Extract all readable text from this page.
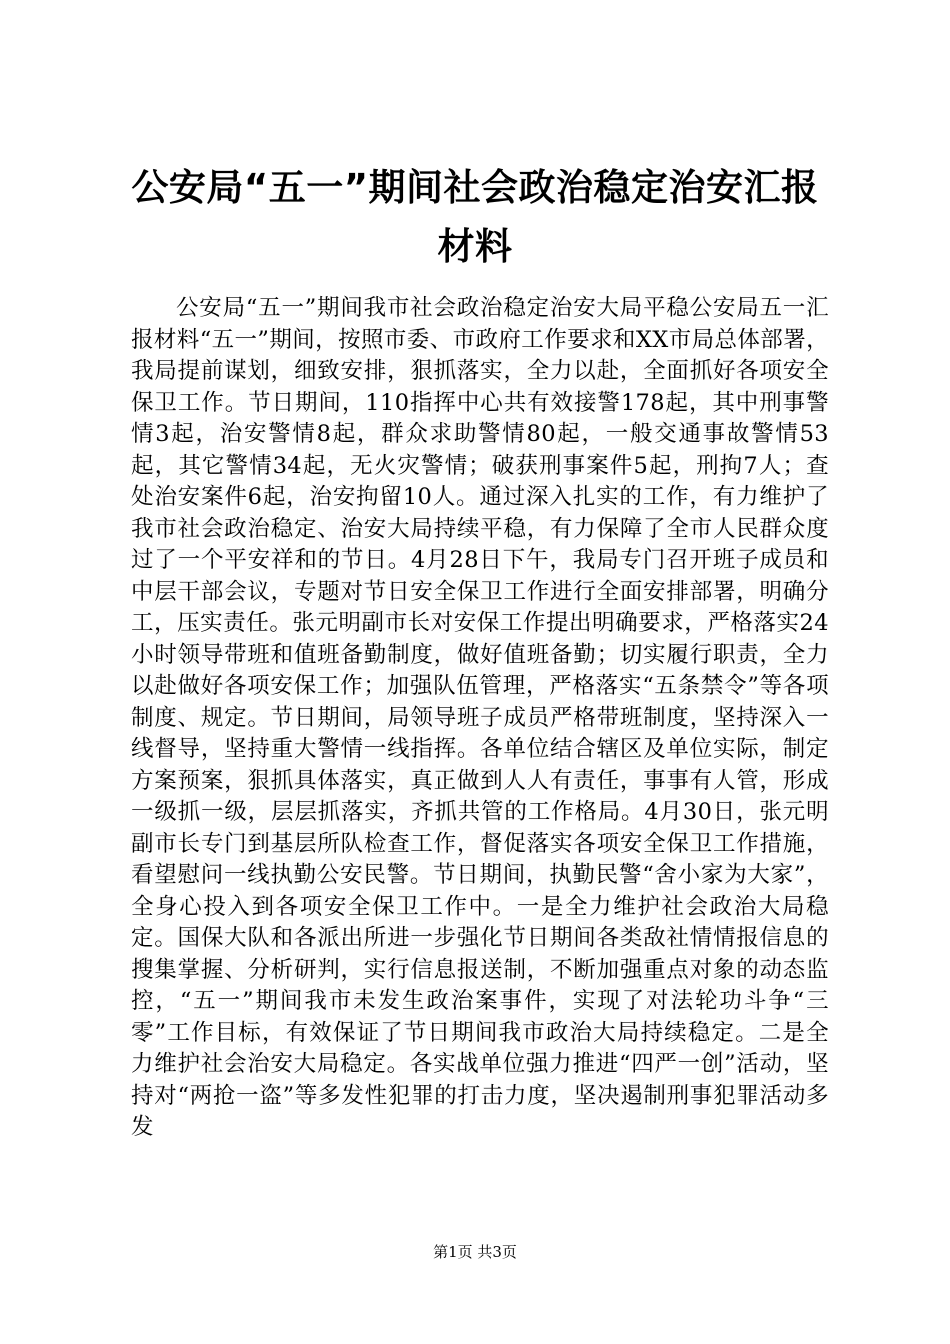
公安局“五一”期间社会政治稳定治安汇报材料

公安局“五一”期间我市社会政治稳定治安大局平稳公安局五一汇报材料“五一”期间，按照市委、市政府工作要求和XX市局总体部署，我局提前谋划，细致安排，狠抓落实，全力以赴，全面抓好各项安全保卫工作。节日期间，110指挥中心共有效接警178起，其中刑事警情3起，治安警情8起，群众求助警情80起，一般交通事故警情53起，其它警情34起，无火灾警情；破获刑事案件5起，刑拘7人；查处治安案件6起，治安拘留10人。通过深入扎实的工作，有力维护了我市社会政治稳定、治安大局持续平稳，有力保障了全市人民群众度过了一个平安祥和的节日。4月28日下午，我局专门召开班子成员和中层干部会议，专题对节日安全保卫工作进行全面安排部署，明确分工，压实责任。张元明副市长对安保工作提出明确要求，严格落实24小时领导带班和值班备勤制度，做好值班备勤；切实履行职责，全力以赴做好各项安保工作；加强队伍管理，严格落实“五条禁令”等各项制度、规定。节日期间，局领导班子成员严格带班制度，坚持深入一线督导，坚持重大警情一线指挥。各单位结合辖区及单位实际，制定方案预案，狠抓具体落实，真正做到人人有责任，事事有人管，形成一级抓一级，层层抓落实，齐抓共管的工作格局。4月30日，张元明副市长专门到基层所队检查工作，督促落实各项安全保卫工作措施，看望慰问一线执勤公安民警。节日期间，执勤民警“舍小家为大家”，全身心投入到各项安全保卫工作中。一是全力维护社会政治大局稳定。国保大队和各派出所进一步强化节日期间各类敌社情情报信息的搜集掌握、分析研判，实行信息报送制，不断加强重点对象的动态监控，“五一”期间我市未发生政治案事件，实现了对法轮功斗争“三零”工作目标，有效保证了节日期间我市政治大局持续稳定。二是全力维护社会治安大局稳定。各实战单位强力推进“四严一创”活动，坚持对“两抢一盗”等多发性犯罪的打击力度，坚决遏制刑事犯罪活动多发

第1页 共3页
